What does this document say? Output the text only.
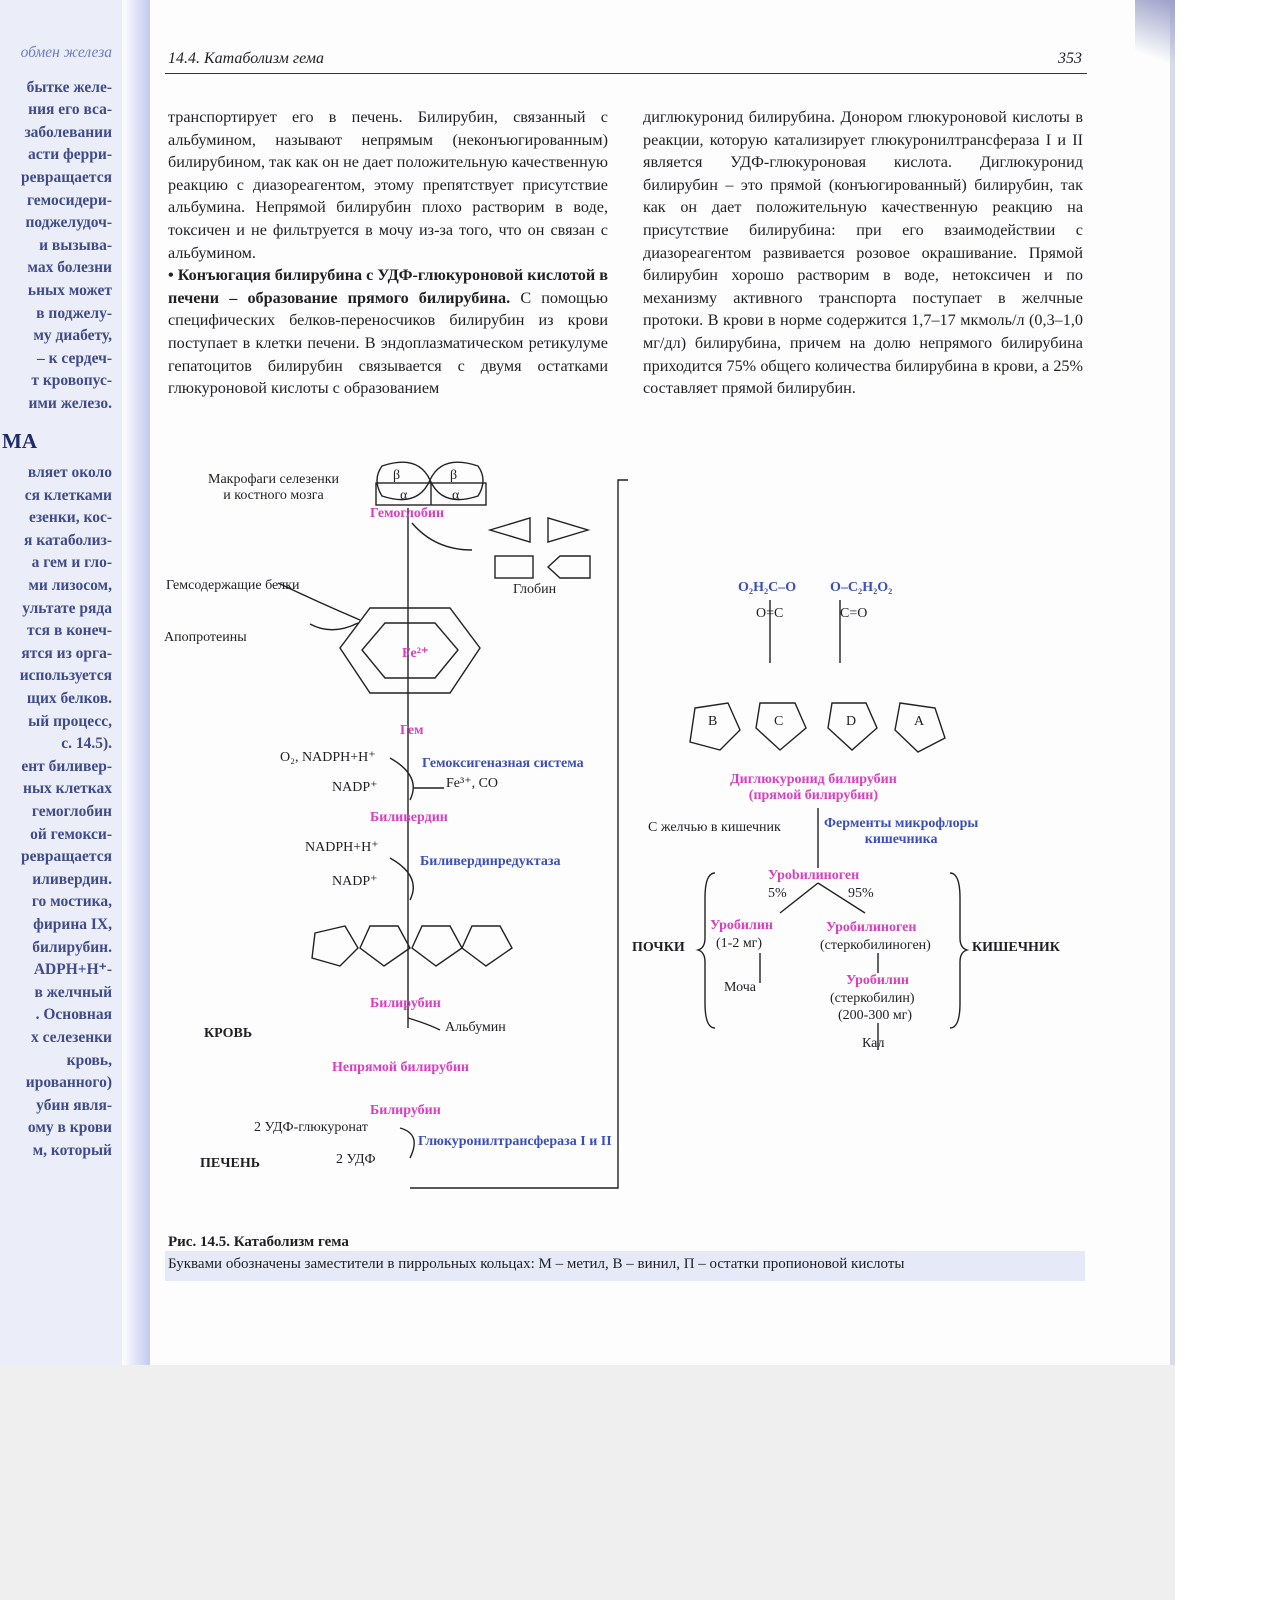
обмен железа
бытке желе-
ния его вса-
заболевании
асти ферри-
ревращается
гемосидери-
поджелудоч-
и вызыва-
мах болезни
ьных может
в поджелу-
му диабету,
– к сердеч-
т кровопус-
ими железо.
МА
вляет около
ся клетками
езенки, кос-
я катаболиз-
а гем и гло-
ми лизосом,
ультате ряда
тся в конеч-
ятся из орга-
используется
щих белков.
ый процесс,
с. 14.5).
ент биливер-
ных клетках
гемоглобин
ой гемокси-
ревращается
иливердин.
го мостика,
фирина IX,
билирубин.
ADPH+H⁺-
в желчный
. Основная
х селезенки
кровь,
ированного)
убин явля-
ому в крови
м, который
14.4. Катаболизм гема	353

транспортирует его в печень. Билирубин, связанный с альбумином, называют непрямым (неконъюгированным) билирубином, так как он не дает положительную качественную реакцию с диазореагентом, этому препятствует присутствие альбумина. Непрямой билирубин плохо растворим в воде, токсичен и не фильтруется в мочу из-за того, что он связан с альбумином.

• Конъюгация билирубина с УДФ-глюкуроновой кислотой в печени – образование прямого билирубина. С помощью специфических белков-переносчиков билирубин из крови поступает в клетки печени. В эндоплазматическом ретикулуме гепатоцитов билирубин связывается с двумя остатками глюкуроновой кислоты с образованием

диглюкуронид билирубина. Донором глюкуроновой кислоты в реакции, которую катализирует глюкуронилтрансфераза I и II является УДФ-глюкуроновая кислота. Диглюкуронид билирубин – это прямой (конъюгированный) билирубин, так как он дает положительную качественную реакцию на присутствие билирубина: при его взаимодействии с диазореагентом развивается розовое окрашивание. Прямой билирубин хорошо растворим в воде, нетоксичен и по механизму активного транспорта поступает в желчные протоки. В крови в норме содержится 1,7–17 мкмоль/л (0,3–1,0 мг/дл) билирубина, причем на долю непрямого билирубина приходится 75% общего количества билирубина в крови, а 25% составляет прямой билирубин.

Макрофаги селезенки
и костного мозга
Гемоглобин
Глобин
Гемсодержащие белки
Апопротеины
Fe²⁺
Гем
O₂, NADPH+H⁺	Гемоксигеназная система
NADP⁺	Fe³⁺, CO
Биливердин
NADPH+H⁺
Биливердинредуктаза
NADP⁺
Билирубин
КРОВЬ	Альбумин
Непрямой билирубин
Билирубин
2 УДФ-глюкуронат
Глюкуронилтрансфераза I и II
ПЕЧЕНЬ	2 УДФ
O₂H₂C–O O–C₂H₂O₂
Диглюкуронид билирубин
(прямой билирубин)
С желчью в кишечник	Ферменты микрофлоры
кишечника
Урobилиноген
5%	95%
ПОЧКИ
Уробилин
(1-2 мг)
Уробилиноген
(стеркобилиноген)	КИШЕЧНИК
Моча	Уробилин
(стеркобилин)
(200-300 мг)
Кал
β	β
α	α
B	C	D	A
O=C	C=O
Рис. 14.5. Катаболизм гема
Буквами обозначены заместители в пиррольных кольцах: M – метил, B – винил, П – остатки пропионовой кислоты
